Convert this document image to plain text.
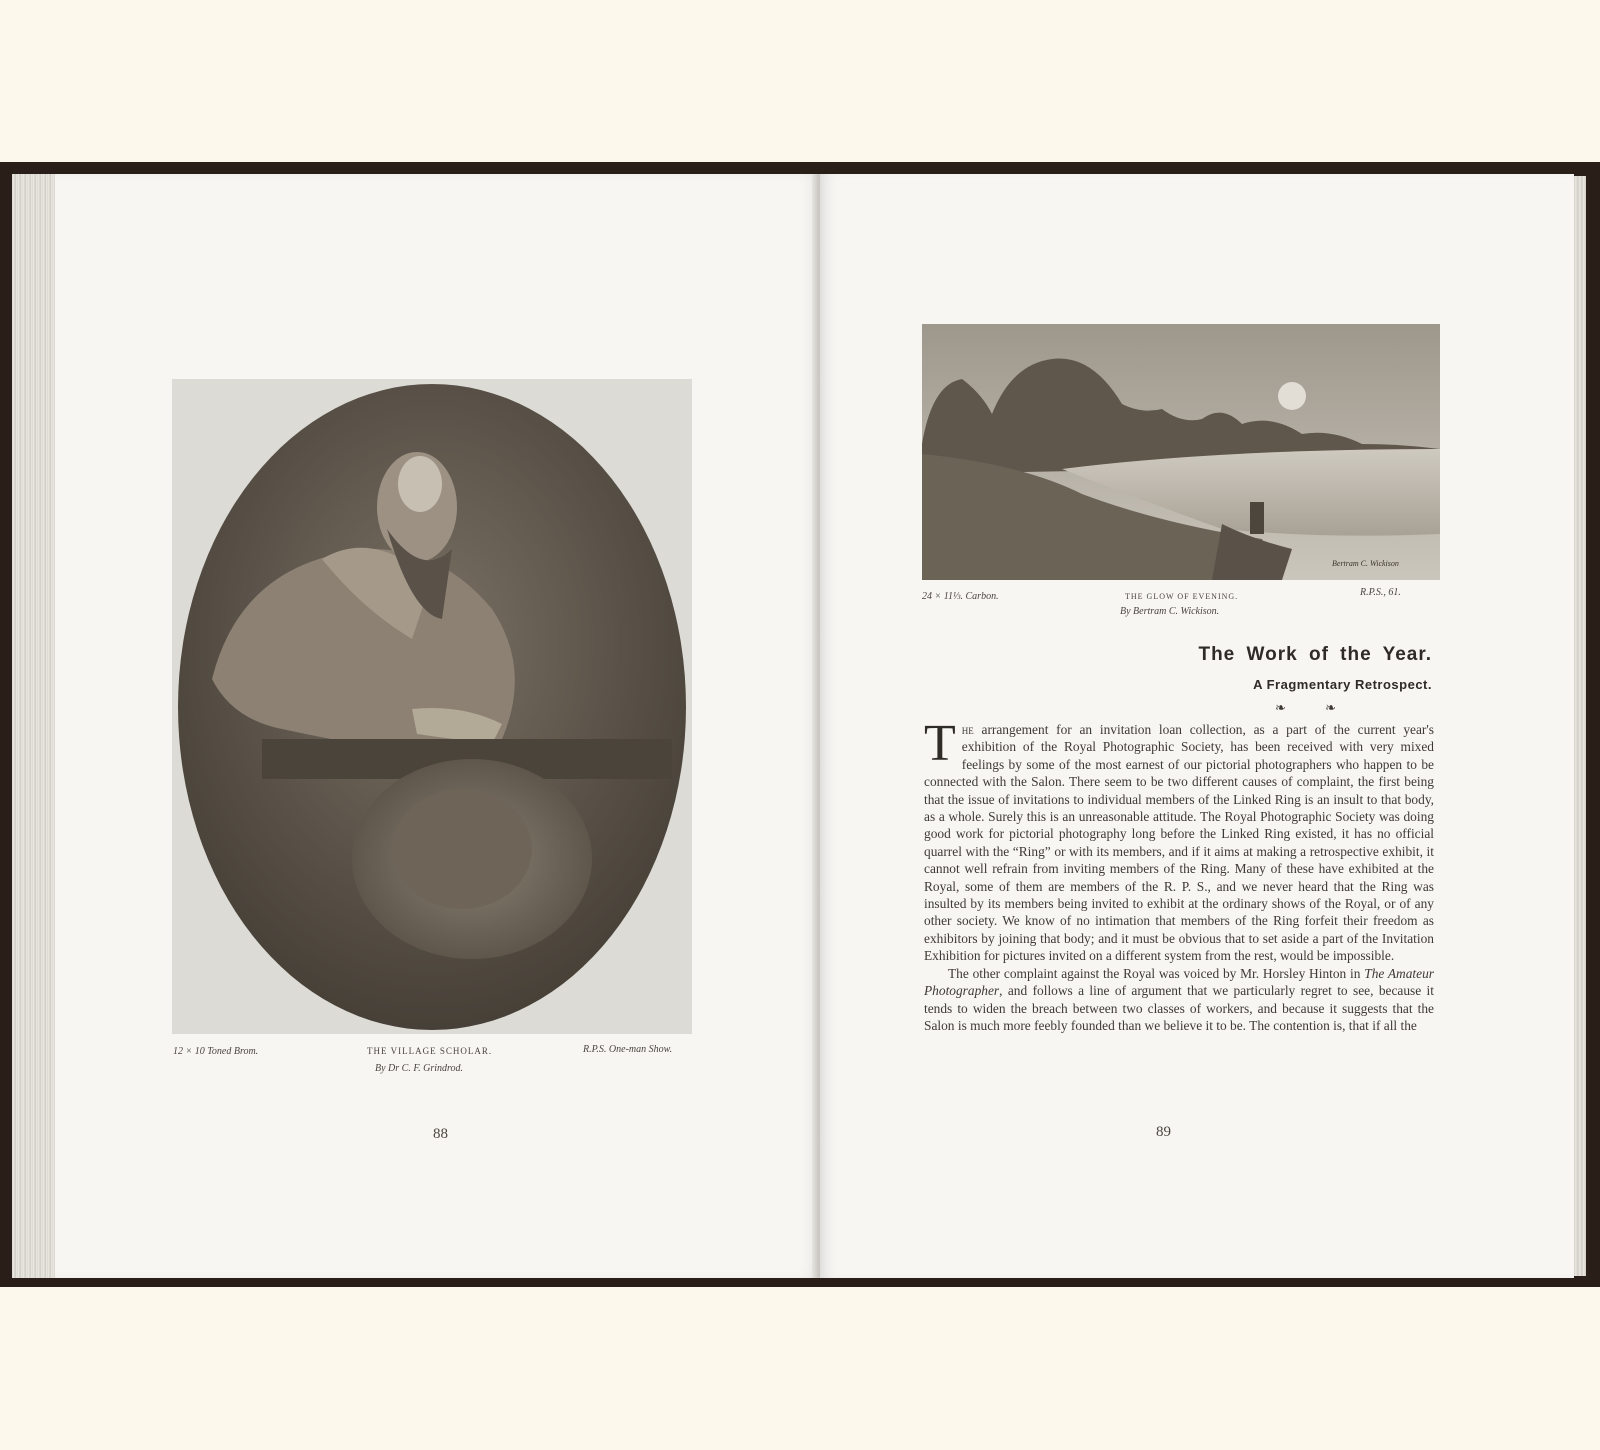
12 × 10 Toned Brom.	THE VILLAGE SCHOLAR.	R.P.S. One-man Show.
By Dr C. F. Grindrod.
88
Bertram C. Wickison
24 × 11⅓. Carbon.	THE GLOW OF EVENING.	R.P.S., 61.
By Bertram C. Wickison.
The Work of the Year.
A Fragmentary Retrospect.
❧ ❧

The arrangement for an invitation loan collection, as a part of the current year's exhibition of the Royal Photographic Society, has been received with very mixed feelings by some of the most earnest of our pictorial photographers who happen to be connected with the Salon. There seem to be two different causes of complaint, the first being that the issue of invitations to individual members of the Linked Ring is an insult to that body, as a whole. Surely this is an unreasonable attitude. The Royal Photographic Society was doing good work for pictorial photography long before the Linked Ring existed, it has no official quarrel with the “Ring” or with its members, and if it aims at making a retrospective exhibit, it cannot well refrain from inviting members of the Ring. Many of these have exhibited at the Royal, some of them are members of the R. P. S., and we never heard that the Ring was insulted by its members being invited to exhibit at the ordinary shows of the Royal, or of any other society. We know of no intimation that members of the Ring forfeit their freedom as exhibitors by joining that body; and it must be obvious that to set aside a part of the Invitation Exhibition for pictures invited on a different system from the rest, would be impossible.

The other complaint against the Royal was voiced by Mr. Horsley Hinton in The Amateur Photographer, and follows a line of argument that we particularly regret to see, because it tends to widen the breach between two classes of workers, and because it suggests that the Salon is much more feebly founded than we believe it to be. The contention is, that if all the

89
